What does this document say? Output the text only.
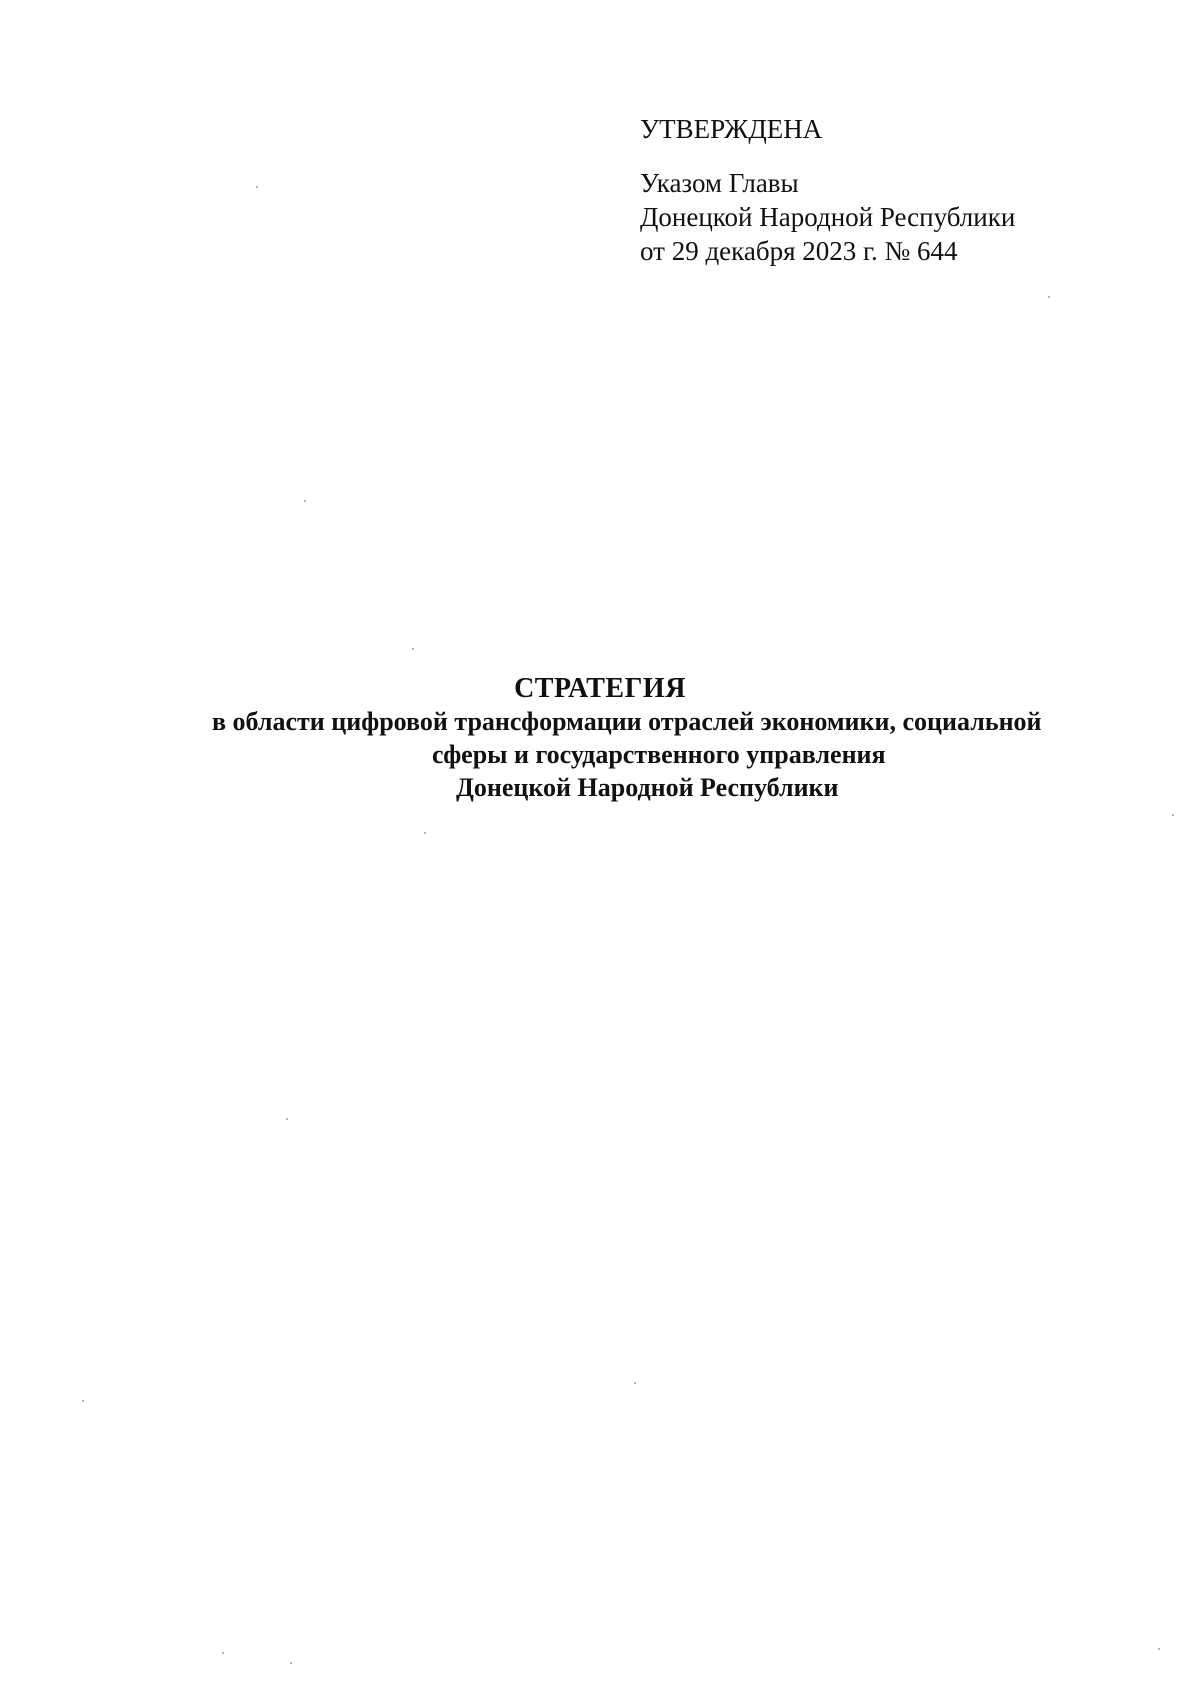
УТВЕРЖДЕНА
Указом Главы
Донецкой Народной Республики
от 29 декабря 2023 г. № 644
СТРАТЕГИЯ
в области цифровой трансформации отраслей экономики, социальной
сферы и государственного управления
Донецкой Народной Республики
